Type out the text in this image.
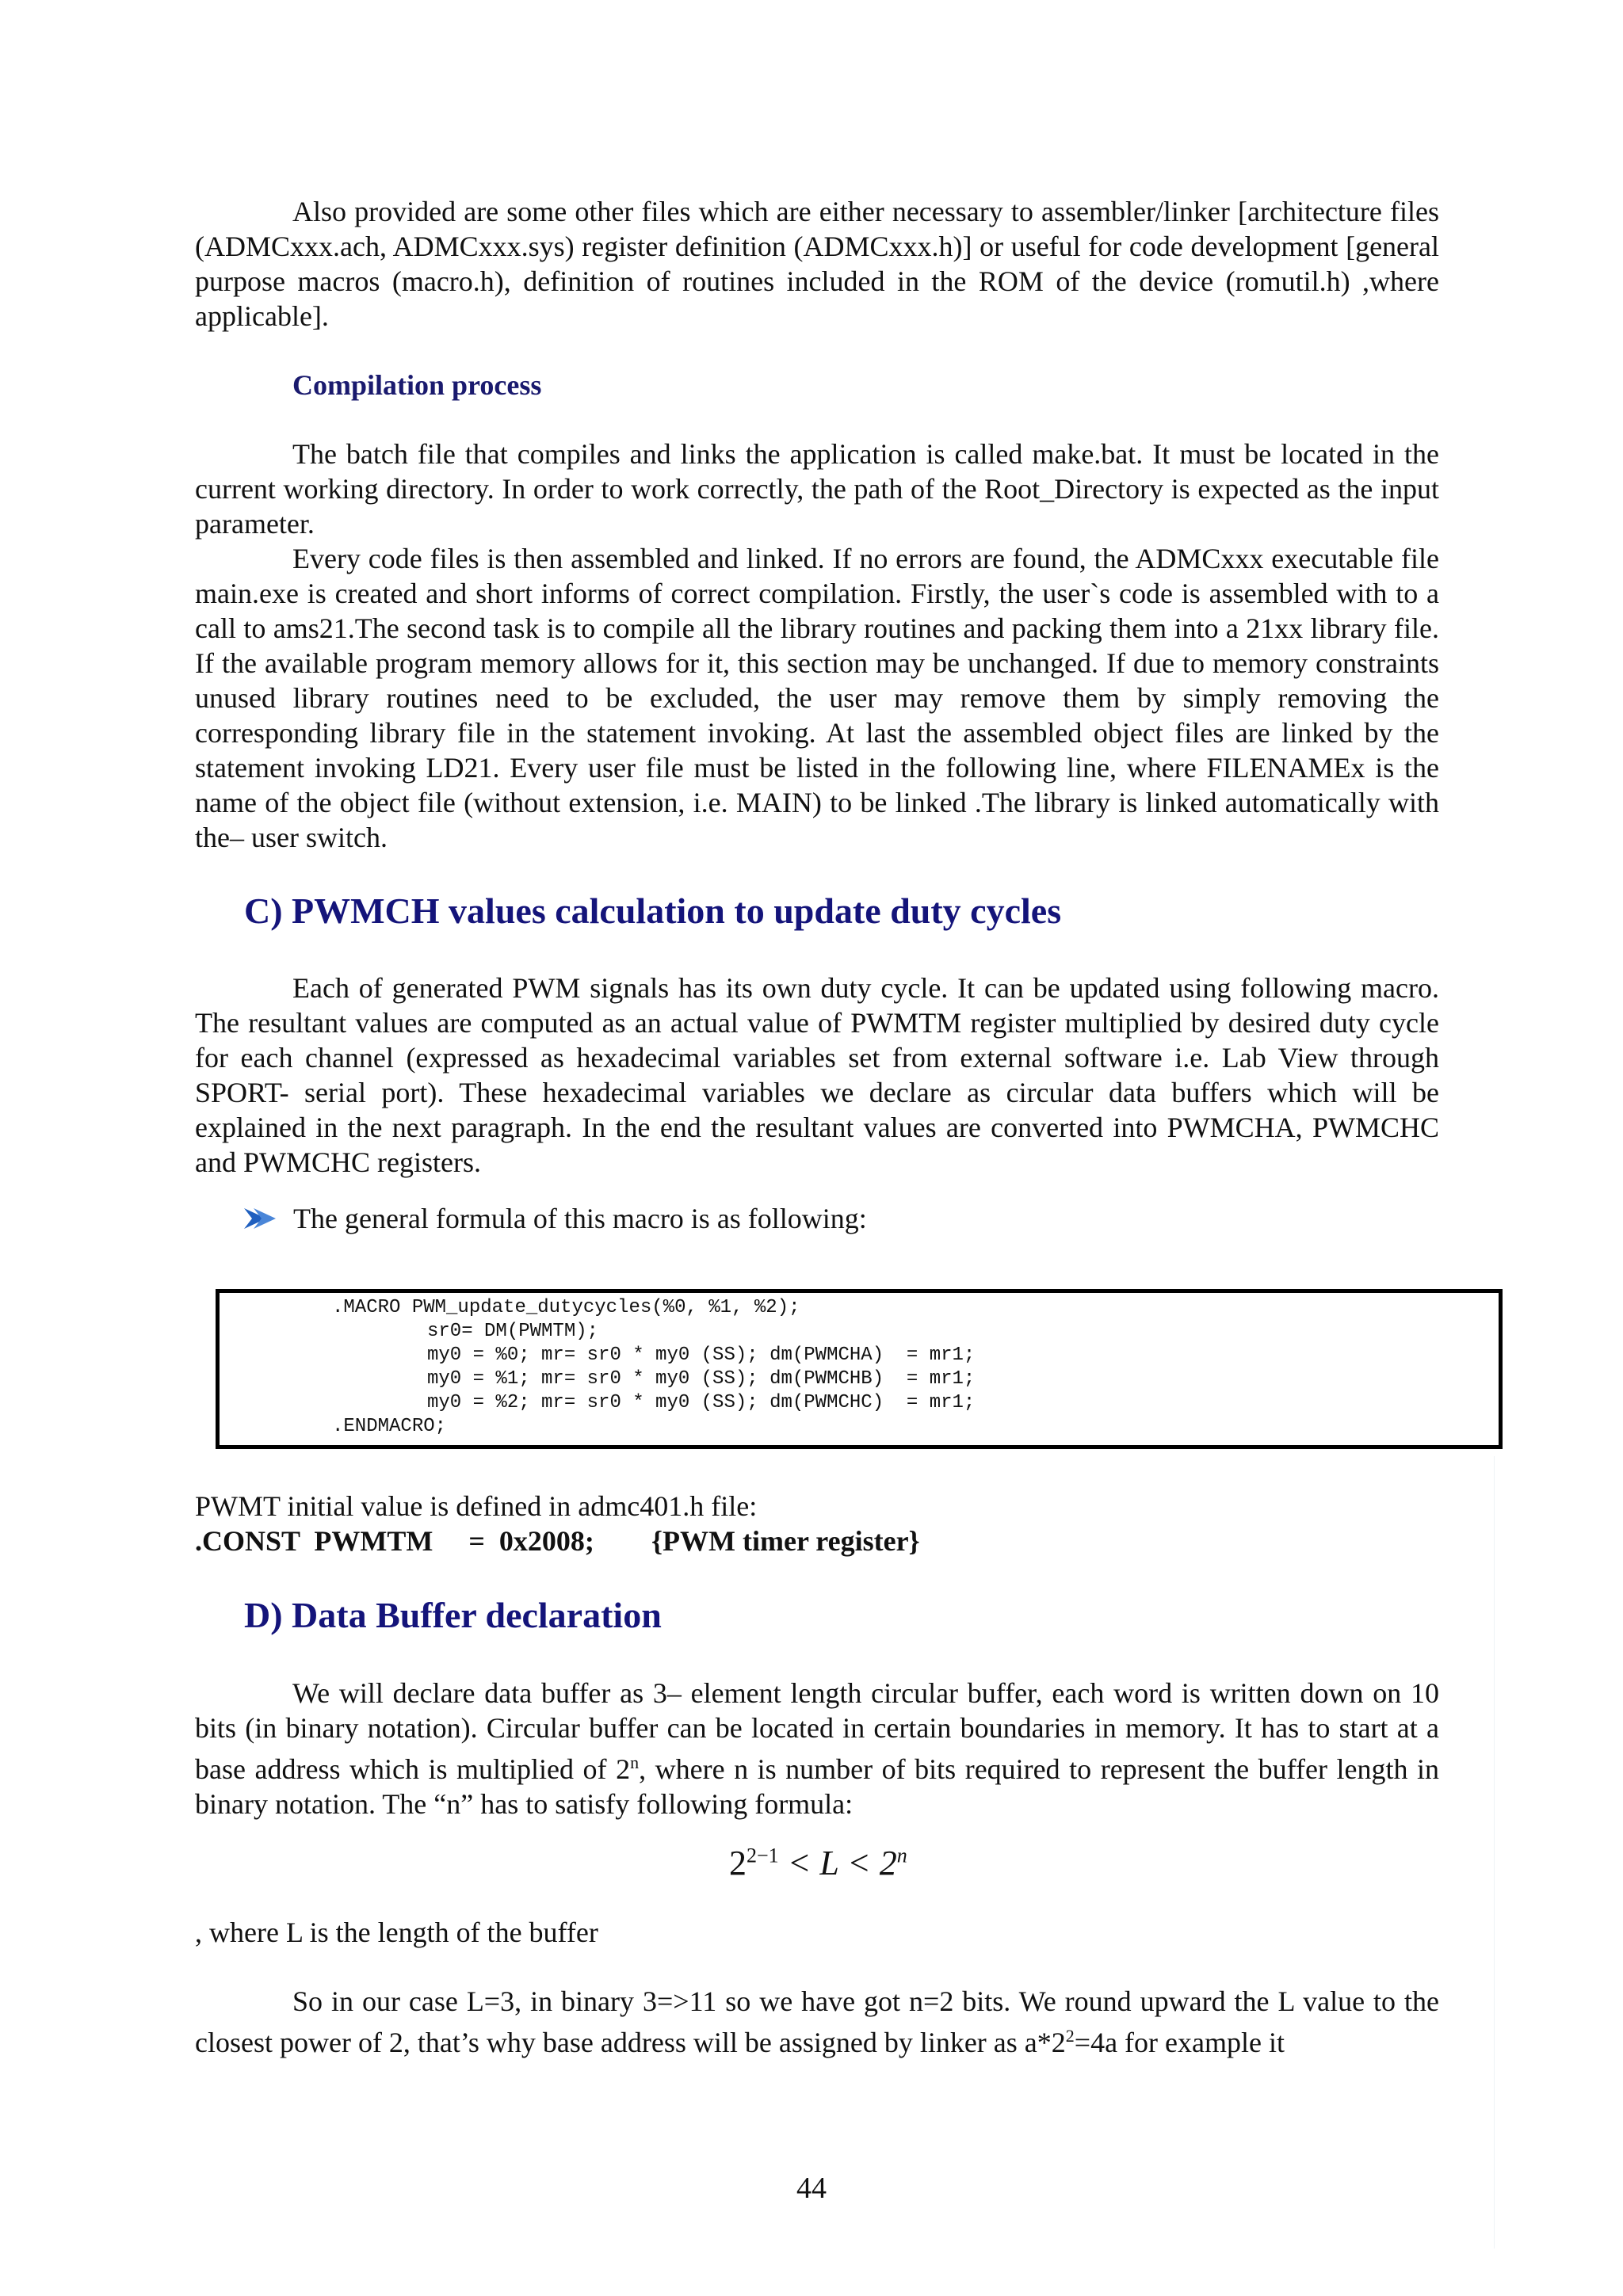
Also provided are some other files which are either necessary to assembler/linker [architecture files (ADMCxxx.ach, ADMCxxx.sys) register definition (ADMCxxx.h)] or useful for code development [general purpose macros (macro.h), definition of routines included in the ROM of the device (romutil.h) ,where applicable].

Compilation process

The batch file that compiles and links the application is called make.bat. It must be located in the current working directory. In order to work correctly, the path of the Root_Directory is expected as the input parameter.

Every code files is then assembled and linked. If no errors are found, the ADMCxxx executable file main.exe is created and short informs of correct compilation. Firstly, the user`s code is assembled with to a call to ams21.The second task is to compile all the library routines and packing them into a 21xx library file. If the available program memory allows for it, this section may be unchanged. If due to memory constraints unused library routines need to be excluded, the user may remove them by simply removing the corresponding library file in the statement invoking. At last the assembled object files are linked by the statement invoking LD21. Every user file must be listed in the following line, where FILENAMEx is the name of the object file (without extension, i.e. MAIN) to be linked .The library is linked automatically with the– user switch.

C) PWMCH values calculation to update duty cycles

Each of generated PWM signals has its own duty cycle. It can be updated using following macro. The resultant values are computed as an actual value of PWMTM register multiplied by desired duty cycle for each channel (expressed as hexadecimal variables set from external software i.e. Lab View through SPORT- serial port). These hexadecimal variables we declare as circular data buffers which will be explained in the next paragraph. In the end the resultant values are converted into PWMCHA, PWMCHC and PWMCHC registers.

The general formula of this macro is as following:
.MACRO PWM_update_dutycycles(%0, %1, %2);
sr0= DM(PWMTM);
my0 = %0; mr= sr0 * my0 (SS); dm(PWMCHA)  = mr1;
my0 = %1; mr= sr0 * my0 (SS); dm(PWMCHB)  = mr1;
my0 = %2; mr= sr0 * my0 (SS); dm(PWMCHC)  = mr1;
.ENDMACRO;
PWMT initial value is defined in admc401.h file:
.CONST  PWMTM     =  0x2008;        {PWM timer register}
D) Data Buffer declaration

We will declare data buffer as 3– element length circular buffer, each word is written down on 10 bits (in binary notation). Circular buffer can be located in certain boundaries in memory. It has to start at a base address which is multiplied of 2$^n$, where n is number of bits required to represent the buffer length in binary notation. The “n” has to satisfy following formula:

$2^{2-1} < L < 2^n$
, where L is the length of the buffer

So in our case L=3, in binary 3=>11 so we have got n=2 bits. We round upward the L value to the closest power of 2, that’s why base address will be assigned by linker as $a*2^2=4a$ for example it

44
